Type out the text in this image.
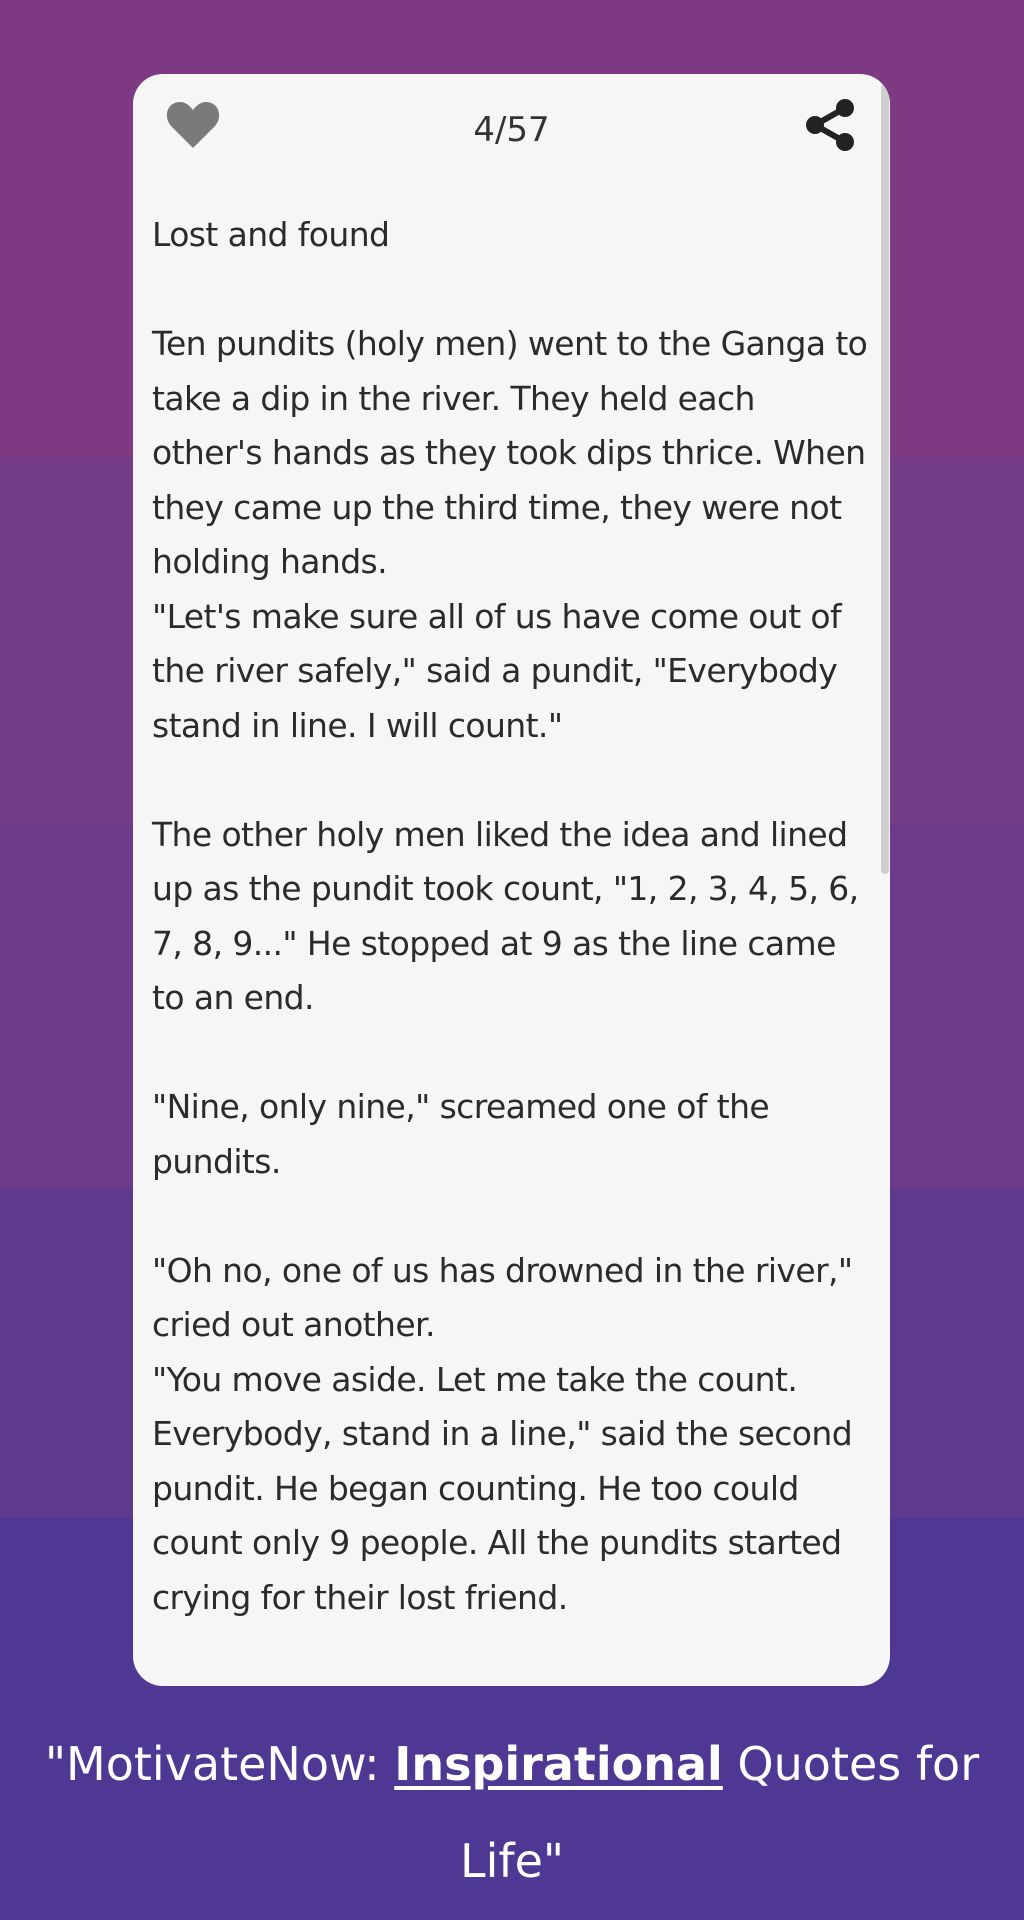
4/57
Lost and found

Ten pundits (holy men) went to the Ganga to take a dip in the river. They held each other's hands as they took dips thrice. When they came up the third time, they were not holding hands.
"Let's make sure all of us have come out of the river safely," said a pundit, "Everybody stand in line. I will count."

The other holy men liked the idea and lined up as the pundit took count, "1, 2, 3, 4, 5, 6, 7, 8, 9..." He stopped at 9 as the line came to an end.

"Nine, only nine," screamed one of the pundits.

"Oh no, one of us has drowned in the river," cried out another.
"You move aside. Let me take the count. Everybody, stand in a line," said the second pundit. He began counting. He too could count only 9 people. All the pundits started crying for their lost friend.
"MotivateNow: Inspirational Quotes for Life"
